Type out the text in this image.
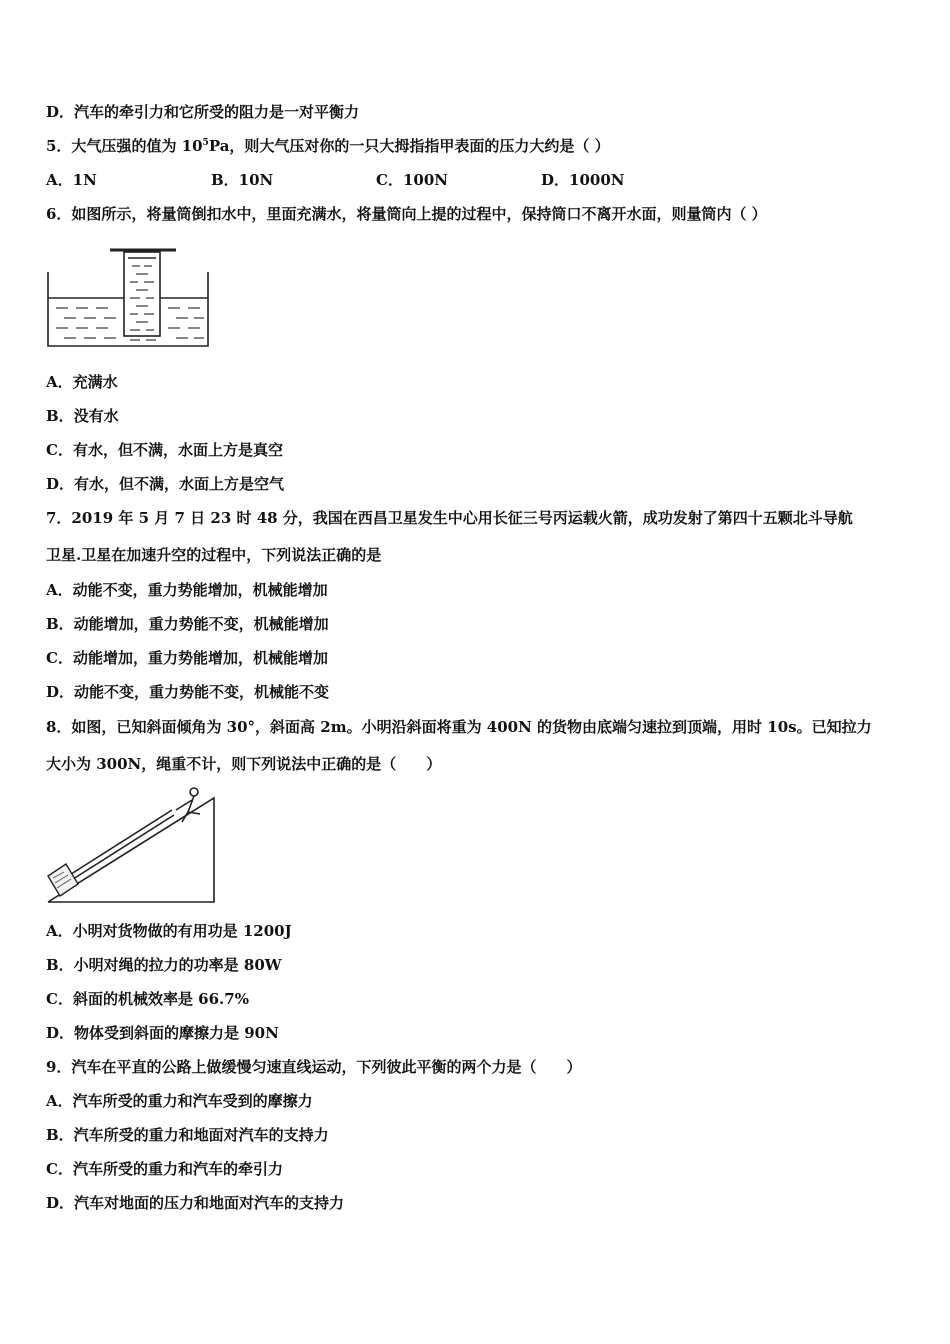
D．汽车的牵引力和它所受的阻力是一对平衡力
5．大气压强的值为 $10^5Pa$，则大气压对你的一只大拇指指甲表面的压力大约是（ ）
A．1N	B．10N	C．100N	D．1000N
6．如图所示，将量筒倒扣水中，里面充满水，将量筒向上提的过程中，保持筒口不离开水面，则量筒内（ ）
A．充满水
B．没有水
C．有水，但不满，水面上方是真空
D．有水，但不满，水面上方是空气
7．2019 年 5 月 7 日 23 时 48 分，我国在西昌卫星发生中心用长征三号丙运载火箭，成功发射了第四十五颗北斗导航
卫星.卫星在加速升空的过程中，下列说法正确的是
A．动能不变，重力势能增加，机械能增加
B．动能增加，重力势能不变，机械能增加
C．动能增加，重力势能增加，机械能增加
D．动能不变，重力势能不变，机械能不变
8．如图，已知斜面倾角为 30°，斜面高 2m。小明沿斜面将重为 400N 的货物由底端匀速拉到顶端，用时 10s。已知拉力
大小为 300N，绳重不计，则下列说法中正确的是（　　）
A．小明对货物做的有用功是 1200J
B．小明对绳的拉力的功率是 80W
C．斜面的机械效率是 66.7%
D．物体受到斜面的摩擦力是 90N
9．汽车在平直的公路上做缓慢匀速直线运动，下列彼此平衡的两个力是（　　）
A．汽车所受的重力和汽车受到的摩擦力
B．汽车所受的重力和地面对汽车的支持力
C．汽车所受的重力和汽车的牵引力
D．汽车对地面的压力和地面对汽车的支持力
